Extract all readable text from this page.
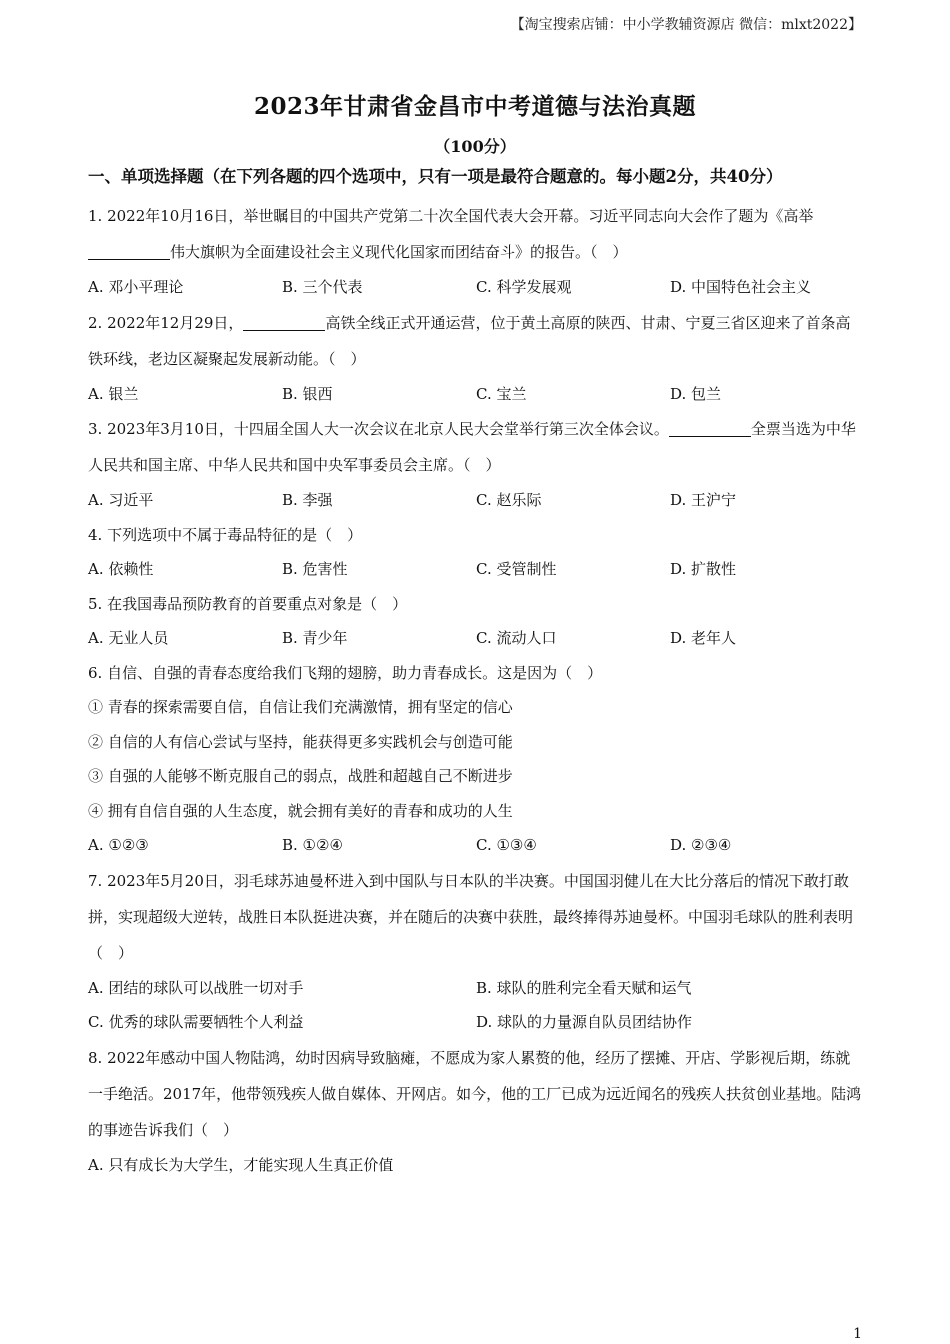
【淘宝搜索店铺：中小学教辅资源店 微信：mlxt2022】
2023年甘肃省金昌市中考道德与法治真题
（100分）
一、单项选择题（在下列各题的四个选项中，只有一项是最符合题意的。每小题2分，共40分）
1. 2022年10月16日，举世瞩目的中国共产党第二十次全国代表大会开幕。习近平同志向大会作了题为《高举伟大旗帜为全面建设社会主义现代化国家而团结奋斗》的报告。（　）
A. 邓小平理论	B. 三个代表	C. 科学发展观	D. 中国特色社会主义
2. 2022年12月29日，	高铁全线正式开通运营，位于黄土高原的陕西、甘肃、宁夏三省区迎来了首条高铁环线，老边区凝聚起发展新动能。（　）
A. 银兰	B. 银西	C. 宝兰	D. 包兰
3. 2023年3月10日，十四届全国人大一次会议在北京人民大会堂举行第三次全体会议。	全票当选为中华人民共和国主席、中华人民共和国中央军事委员会主席。（　）
A. 习近平	B. 李强	C. 赵乐际	D. 王沪宁
4. 下列选项中不属于毒品特征的是（　）
A. 依赖性	B. 危害性	C. 受管制性	D. 扩散性
5. 在我国毒品预防教育的首要重点对象是（　）
A. 无业人员	B. 青少年	C. 流动人口	D. 老年人
6. 自信、自强的青春态度给我们飞翔的翅膀，助力青春成长。这是因为（　）
① 青春的探索需要自信，自信让我们充满激情，拥有坚定的信心
② 自信的人有信心尝试与坚持，能获得更多实践机会与创造可能
③ 自强的人能够不断克服自己的弱点，战胜和超越自己不断进步
④ 拥有自信自强的人生态度，就会拥有美好的青春和成功的人生
A. ①②③	B. ①②④	C. ①③④	D. ②③④
7. 2023年5月20日，羽毛球苏迪曼杯进入到中国队与日本队的半决赛。中国国羽健儿在大比分落后的情况下敢打敢拼，实现超级大逆转，战胜日本队挺进决赛，并在随后的决赛中获胜，最终捧得苏迪曼杯。中国羽毛球队的胜利表明（　）
A. 团结的球队可以战胜一切对手	B. 球队的胜利完全看天赋和运气
C. 优秀的球队需要牺牲个人利益	D. 球队的力量源自队员团结协作
8. 2022年感动中国人物陆鸿，幼时因病导致脑瘫，不愿成为家人累赘的他，经历了摆摊、开店、学影视后期，练就一手绝活。2017年，他带领残疾人做自媒体、开网店。如今，他的工厂已成为远近闻名的残疾人扶贫创业基地。陆鸿的事迹告诉我们（　）
A. 只有成长为大学生，才能实现人生真正价值
1
